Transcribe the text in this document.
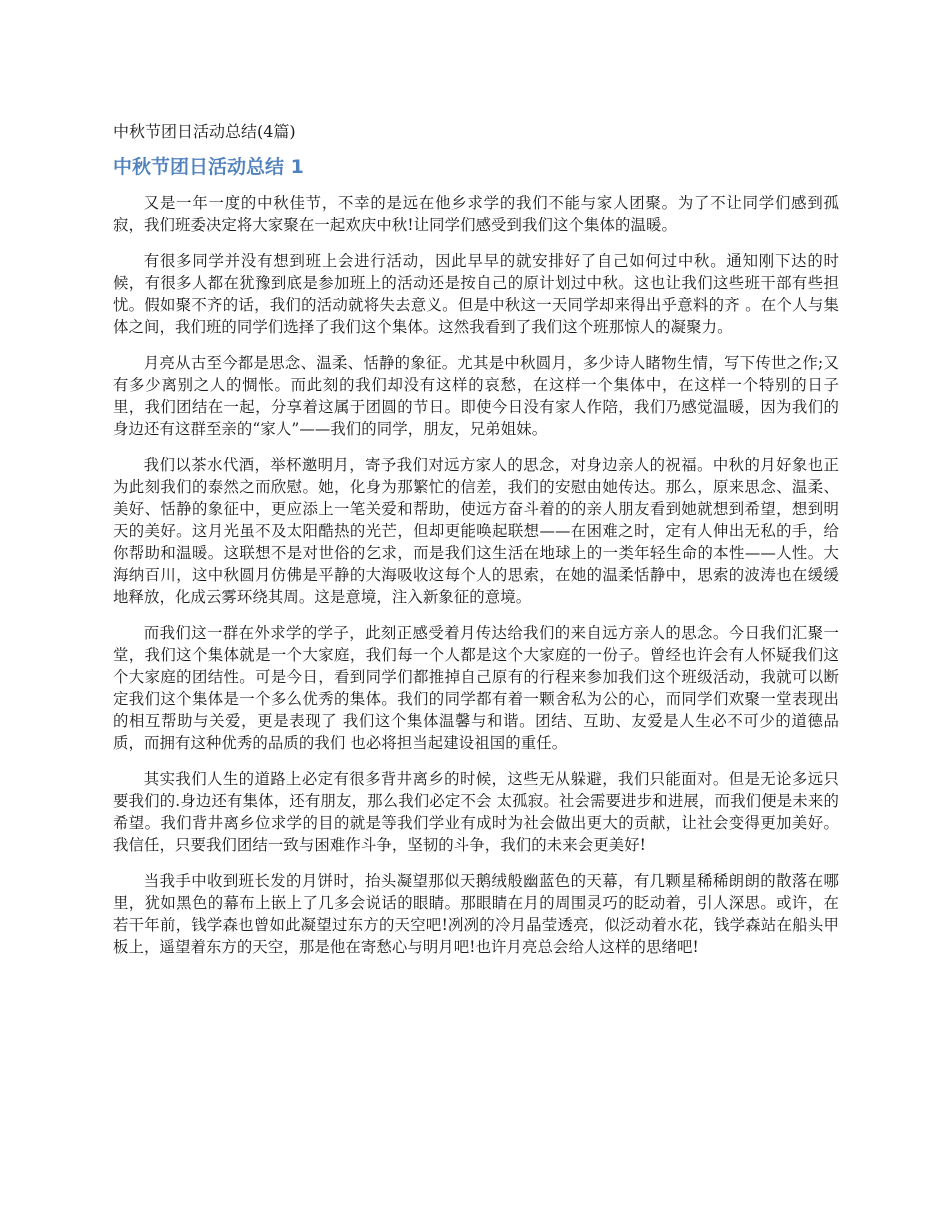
中秋节团日活动总结(4篇)

中秋节团日活动总结 1

又是一年一度的中秋佳节，不幸的是远在他乡求学的我们不能与家人团聚。为了不让同学们感到孤寂，我们班委决定将大家聚在一起欢庆中秋!让同学们感受到我们这个集体的温暖。

有很多同学并没有想到班上会进行活动，因此早早的就安排好了自己如何过中秋。通知刚下达的时候，有很多人都在犹豫到底是参加班上的活动还是按自己的原计划过中秋。这也让我们这些班干部有些担忧。假如聚不齐的话，我们的活动就将失去意义。但是中秋这一天同学却来得出乎意料的齐 。在个人与集体之间，我们班的同学们选择了我们这个集体。这然我看到了我们这个班那惊人的凝聚力。

月亮从古至今都是思念、温柔、恬静的象征。尤其是中秋圆月，多少诗人睹物生情，写下传世之作;又有多少离别之人的惆怅。而此刻的我们却没有这样的哀愁，在这样一个集体中，在这样一个特别的日子里，我们团结在一起，分享着这属于团圆的节日。即使今日没有家人作陪，我们乃感觉温暖，因为我们的身边还有这群至亲的“家人”——我们的同学，朋友，兄弟姐妹。

我们以茶水代酒，举杯邀明月，寄予我们对远方家人的思念，对身边亲人的祝福。中秋的月好象也正为此刻我们的泰然之而欣慰。她，化身为那繁忙的信差，我们的安慰由她传达。那么，原来思念、温柔、美好、恬静的象征中，更应添上一笔关爱和帮助，使远方奋斗着的的亲人朋友看到她就想到希望，想到明天的美好。这月光虽不及太阳酷热的光芒，但却更能唤起联想——在困难之时，定有人伸出无私的手，给你帮助和温暖。这联想不是对世俗的乞求，而是我们这生活在地球上的一类年轻生命的本性——人性。大海纳百川，这中秋圆月仿佛是平静的大海吸收这每个人的思索，在她的温柔恬静中，思索的波涛也在缓缓地释放，化成云雾环绕其周。这是意境，注入新象征的意境。

而我们这一群在外求学的学子，此刻正感受着月传达给我们的来自远方亲人的思念。今日我们汇聚一堂，我们这个集体就是一个大家庭，我们每一个人都是这个大家庭的一份子。曾经也许会有人怀疑我们这个大家庭的团结性。可是今日，看到同学们都推掉自己原有的行程来参加我们这个班级活动，我就可以断定我们这个集体是一个多么优秀的集体。我们的同学都有着一颗舍私为公的心，而同学们欢聚一堂表现出的相互帮助与关爱，更是表现了 我们这个集体温馨与和谐。团结、互助、友爱是人生必不可少的道德品质，而拥有这种优秀的品质的我们 也必将担当起建设祖国的重任。

其实我们人生的道路上必定有很多背井离乡的时候，这些无从躲避，我们只能面对。但是无论多远只要我们的.身边还有集体，还有朋友，那么我们必定不会 太孤寂。社会需要进步和进展，而我们便是未来的希望。我们背井离乡位求学的目的就是等我们学业有成时为社会做出更大的贡献，让社会变得更加美好。我信任，只要我们团结一致与困难作斗争，坚韧的斗争，我们的未来会更美好!

当我手中收到班长发的月饼时，抬头凝望那似天鹅绒般幽蓝色的天幕，有几颗星稀稀朗朗的散落在哪里，犹如黑色的幕布上嵌上了几多会说话的眼睛。那眼睛在月的周围灵巧的眨动着，引人深思。或许，在若干年前，钱学森也曾如此凝望过东方的天空吧!冽冽的冷月晶莹透亮，似泛动着水花，钱学森站在船头甲板上，遥望着东方的天空，那是他在寄愁心与明月吧!也许月亮总会给人这样的思绪吧!
